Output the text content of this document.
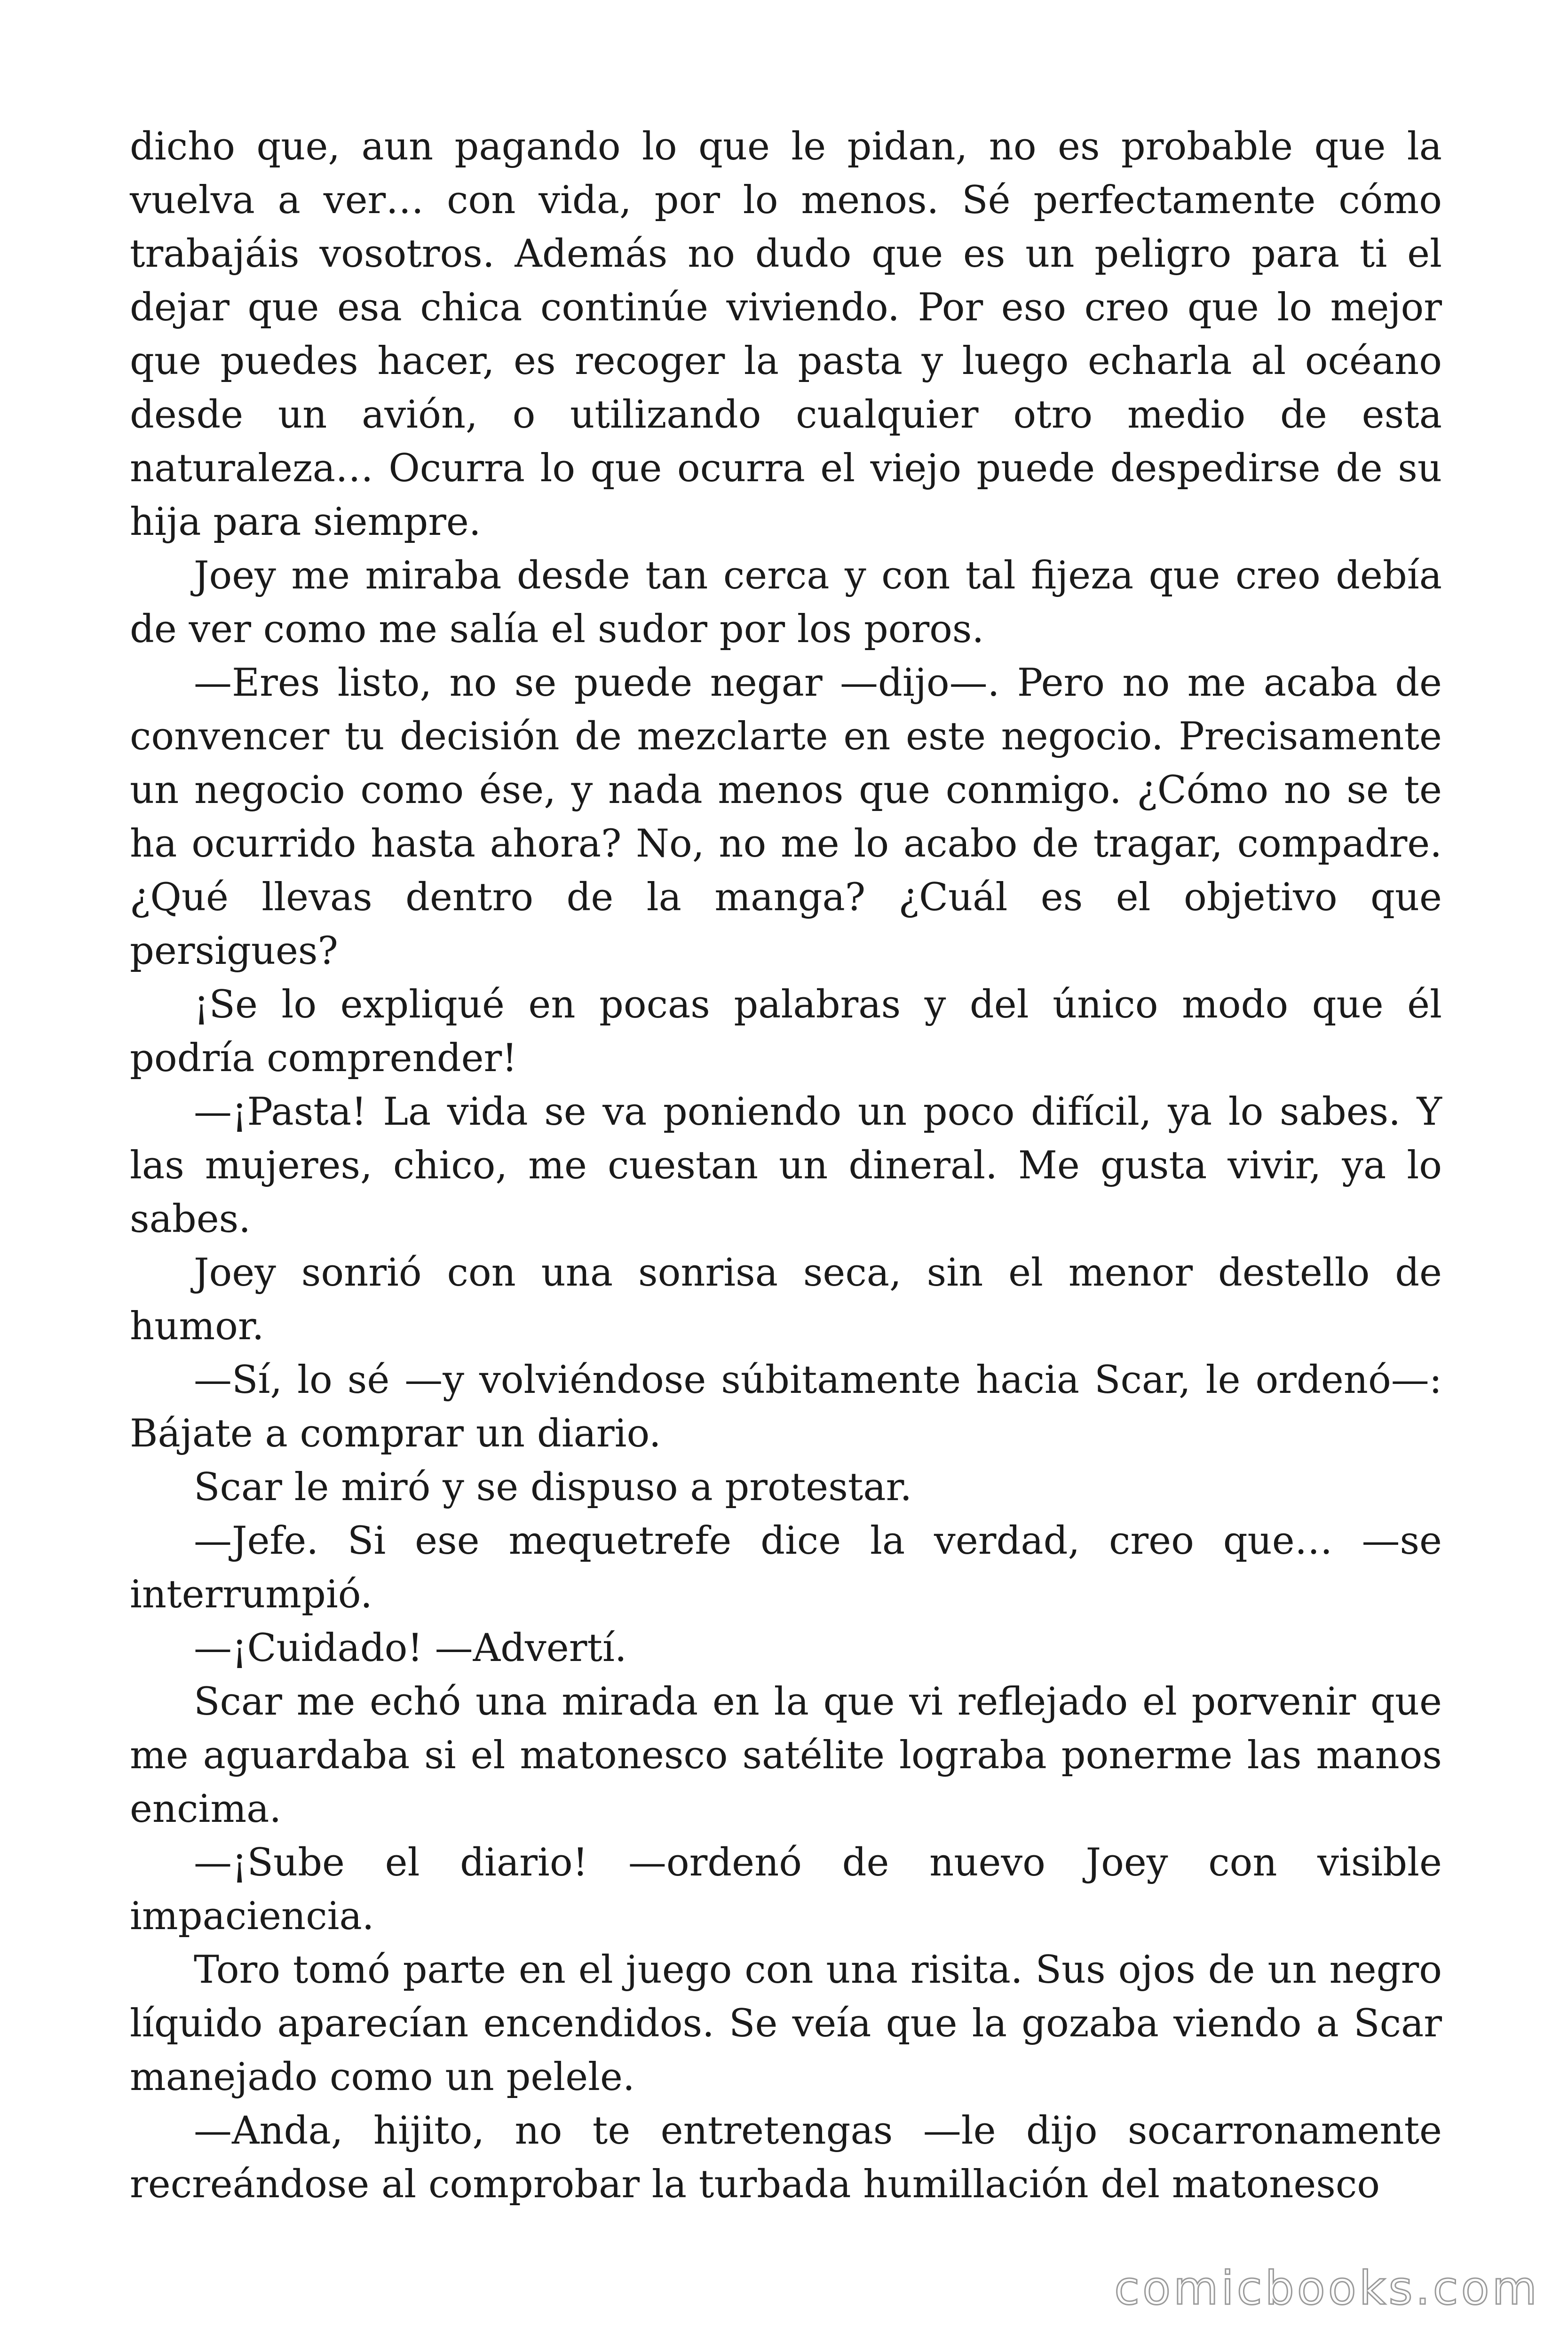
dicho que, aun pagando lo que le pidan, no es probable que la vuelva a ver… con vida, por lo menos. Sé perfectamente cómo trabajáis vosotros. Además no dudo que es un peligro para ti el dejar que esa chica continúe viviendo. Por eso creo que lo mejor que puedes hacer, es recoger la pasta y luego echarla al océano desde un avión, o utilizando cualquier otro medio de esta naturaleza… Ocurra lo que ocurra el viejo puede despedirse de su hija para siempre.

Joey me miraba desde tan cerca y con tal fijeza que creo debía de ver como me salía el sudor por los poros.

—Eres listo, no se puede negar —dijo—. Pero no me acaba de convencer tu decisión de mezclarte en este negocio. Precisamente un negocio como ése, y nada menos que conmigo. ¿Cómo no se te ha ocurrido hasta ahora? No, no me lo acabo de tragar, compadre. ¿Qué llevas dentro de la manga? ¿Cuál es el objetivo que persigues?

¡Se lo expliqué en pocas palabras y del único modo que él podría comprender!

—¡Pasta! La vida se va poniendo un poco difícil, ya lo sabes. Y las mujeres, chico, me cuestan un dineral. Me gusta vivir, ya lo sabes.

Joey sonrió con una sonrisa seca, sin el menor destello de humor.

—Sí, lo sé —y volviéndose súbitamente hacia Scar, le ordenó—: Bájate a comprar un diario.

Scar le miró y se dispuso a protestar.

—Jefe. Si ese mequetrefe dice la verdad, creo que… —se interrumpió.

—¡Cuidado! —Advertí.

Scar me echó una mirada en la que vi reflejado el porvenir que me aguardaba si el matonesco satélite lograba ponerme las manos encima.

—¡Sube el diario! —ordenó de nuevo Joey con visible impaciencia.

Toro tomó parte en el juego con una risita. Sus ojos de un negro líquido aparecían encendidos. Se veía que la gozaba viendo a Scar manejado como un pelele.

—Anda, hijito, no te entretengas —le dijo socarronamente recreándose al comprobar la turbada humillación del matonesco

comicbooks.com
